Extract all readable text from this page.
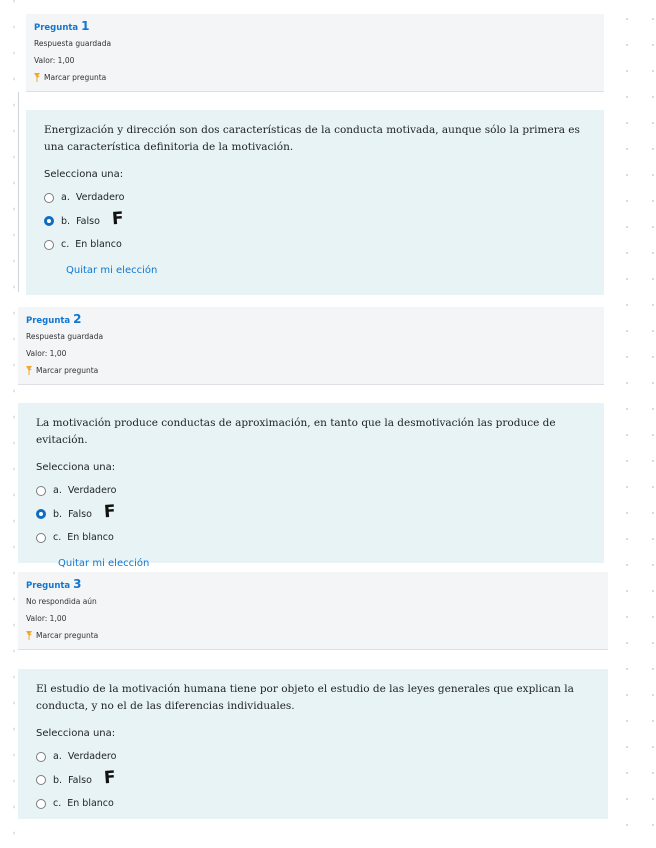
Pregunta 1
Respuesta guardada
Valor: 1,00
Marcar pregunta

Energización y dirección son dos características de la conducta motivada, aunque sólo la primera es una característica definitoria de la motivación.

Selecciona una:
a. Verdadero
b. Falso F
c. En blanco
Quitar mi elección
Pregunta 2
Respuesta guardada
Valor: 1,00
Marcar pregunta

La motivación produce conductas de aproximación, en tanto que la desmotivación las produce de evitación.

Selecciona una:
a. Verdadero
b. Falso F
c. En blanco
Quitar mi elección
Pregunta 3
No respondida aún
Valor: 1,00
Marcar pregunta

El estudio de la motivación humana tiene por objeto el estudio de las leyes generales que explican la conducta, y no el de las diferencias individuales.

Selecciona una:
a. Verdadero
b. Falso F
c. En blanco
